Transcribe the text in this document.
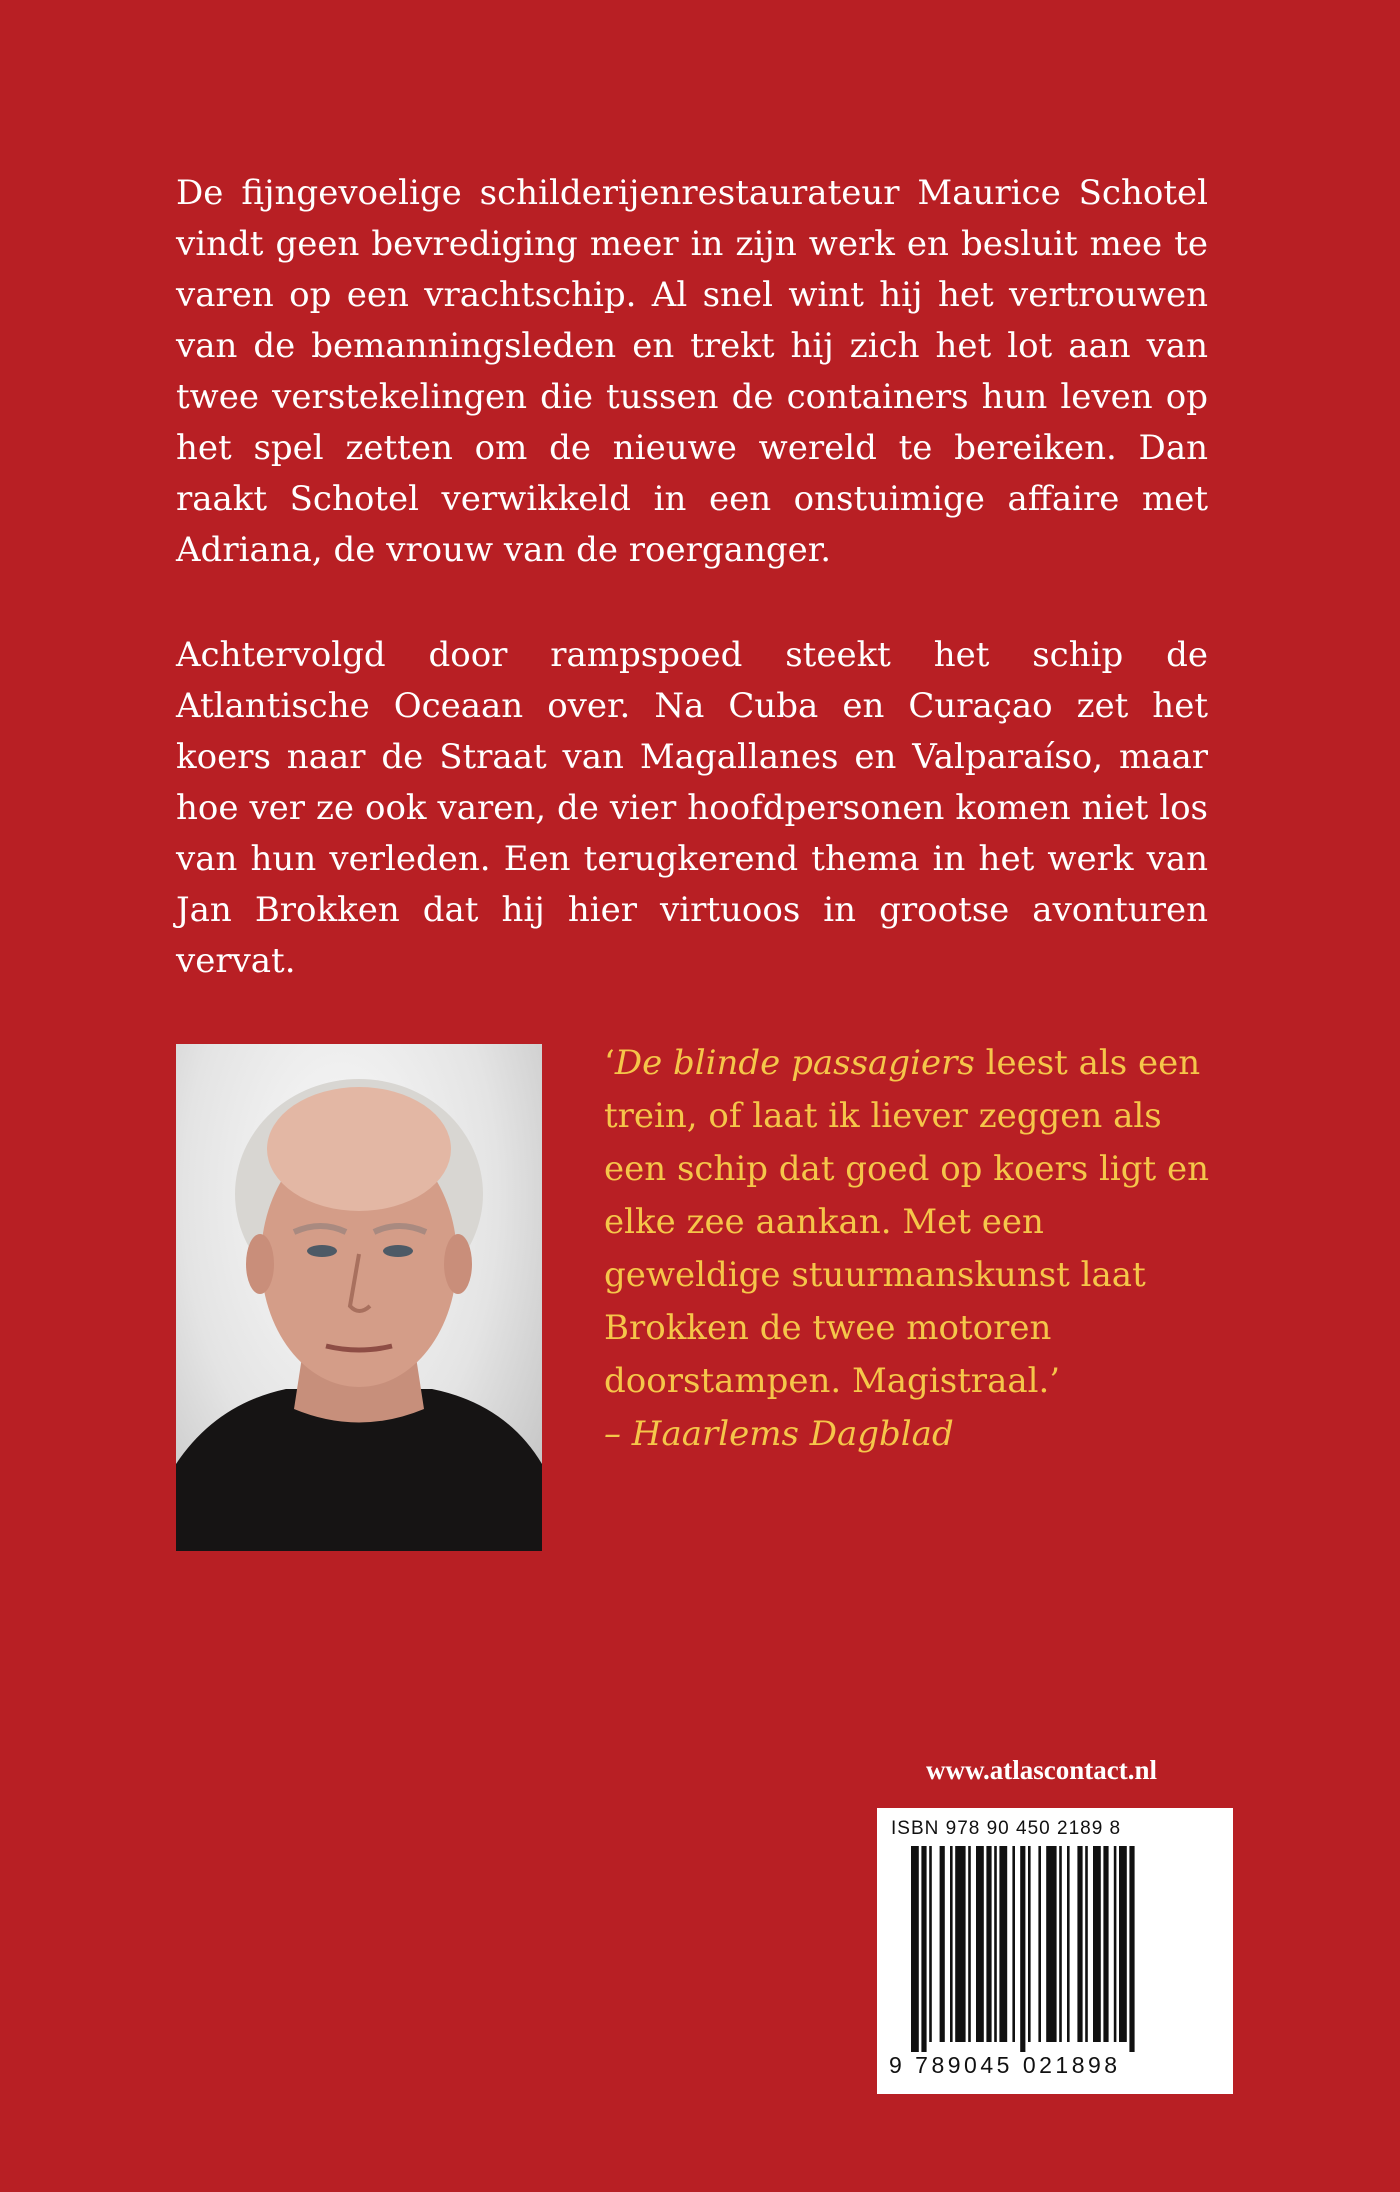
De fijngevoelige schilderijenrestaurateur Maurice Schotel vindt geen bevrediging meer in zijn werk en besluit mee te varen op een vrachtschip. Al snel wint hij het vertrouwen van de bemanningsleden en trekt hij zich het lot aan van twee verstekelingen die tussen de containers hun leven op het spel zetten om de nieuwe wereld te bereiken. Dan raakt Schotel verwikkeld in een onstuimige affaire met Adriana, de vrouw van de roerganger.

Achtervolgd door rampspoed steekt het schip de Atlantische Oceaan over. Na Cuba en Curaçao zet het koers naar de Straat van Magallanes en Valparaíso, maar hoe ver ze ook varen, de vier hoofdpersonen komen niet los van hun verleden. Een terugkerend thema in het werk van Jan Brokken dat hij hier virtuoos in grootse avonturen vervat.

‘De blinde passagiers leest als een trein, of laat ik liever zeggen als een schip dat goed op koers ligt en elke zee aankan. Met een geweldige stuurmanskunst laat Brokken de twee motoren doorstampen. Magistraal.’
– Haarlems Dagblad

www.atlascontact.nl
ISBN 978 90 450 2189 8
9 789045 021898
